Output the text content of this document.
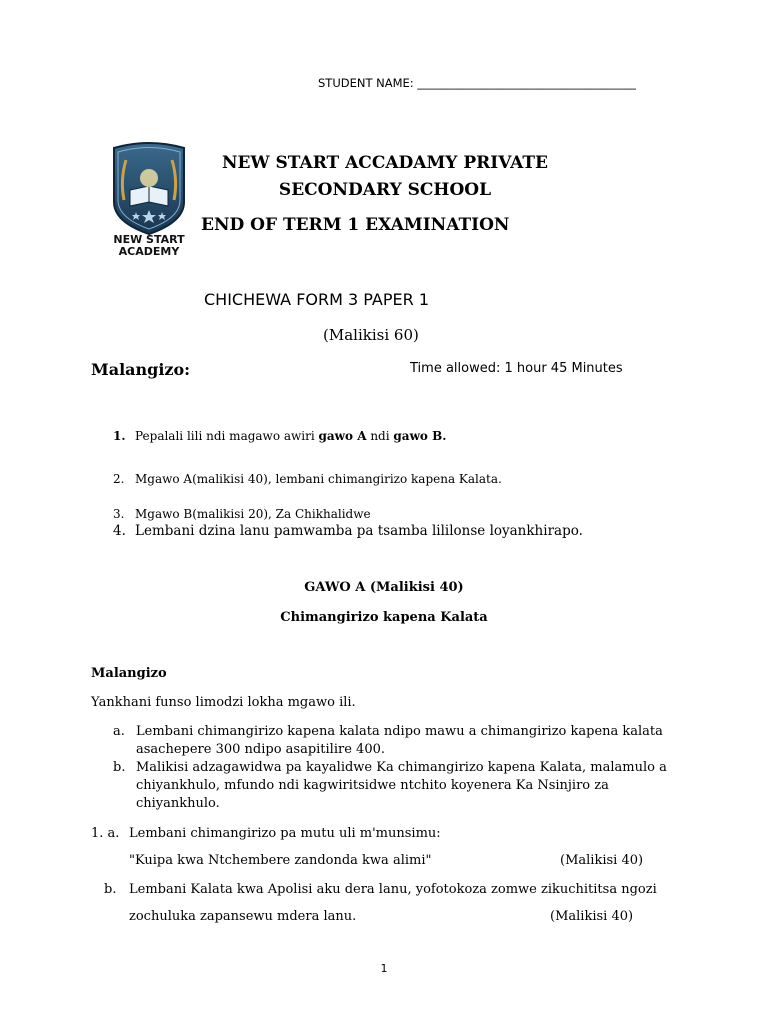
STUDENT NAME: ______________________________________
NEW START
ACADEMY
NEW START ACCADAMY PRIVATE SECONDARY SCHOOL
END OF TERM 1 EXAMINATION
CHICHEWA FORM 3 PAPER 1
(Malikisi 60)
Malangizo:	Time allowed: 1 hour 45 Minutes
1. Pepalali lili ndi magawo awiri gawo A ndi gawo B.
2. Mgawo A(malikisi 40), lembani chimangirizo kapena Kalata.
3. Mgawo B(malikisi 20), Za Chikhalidwe
4. Lembani dzina lanu pamwamba pa tsamba lililonse loyankhirapo.
GAWO A (Malikisi 40)
Chimangirizo kapena Kalata
Malangizo
Yankhani funso limodzi lokha mgawo ili.
a. Lembani chimangirizo kapena kalata ndipo mawu a chimangirizo kapena kalata asachepere 300 ndipo asapitilire 400.
b. Malikisi adzagawidwa pa kayalidwe Ka chimangirizo kapena Kalata, malamulo a chiyankhulo, mfundo ndi kagwiritsidwe ntchito koyenera Ka Nsinjiro za chiyankhulo.
1. a. Lembani chimangirizo pa mutu uli m'munsimu:
"Kuipa kwa Ntchembere zandonda kwa alimi"	(Malikisi 40)
b. Lembani Kalata kwa Apolisi aku dera lanu, yofotokoza zomwe zikuchititsa ngozi
zochuluka zapansewu mdera lanu.	(Malikisi 40)
1
